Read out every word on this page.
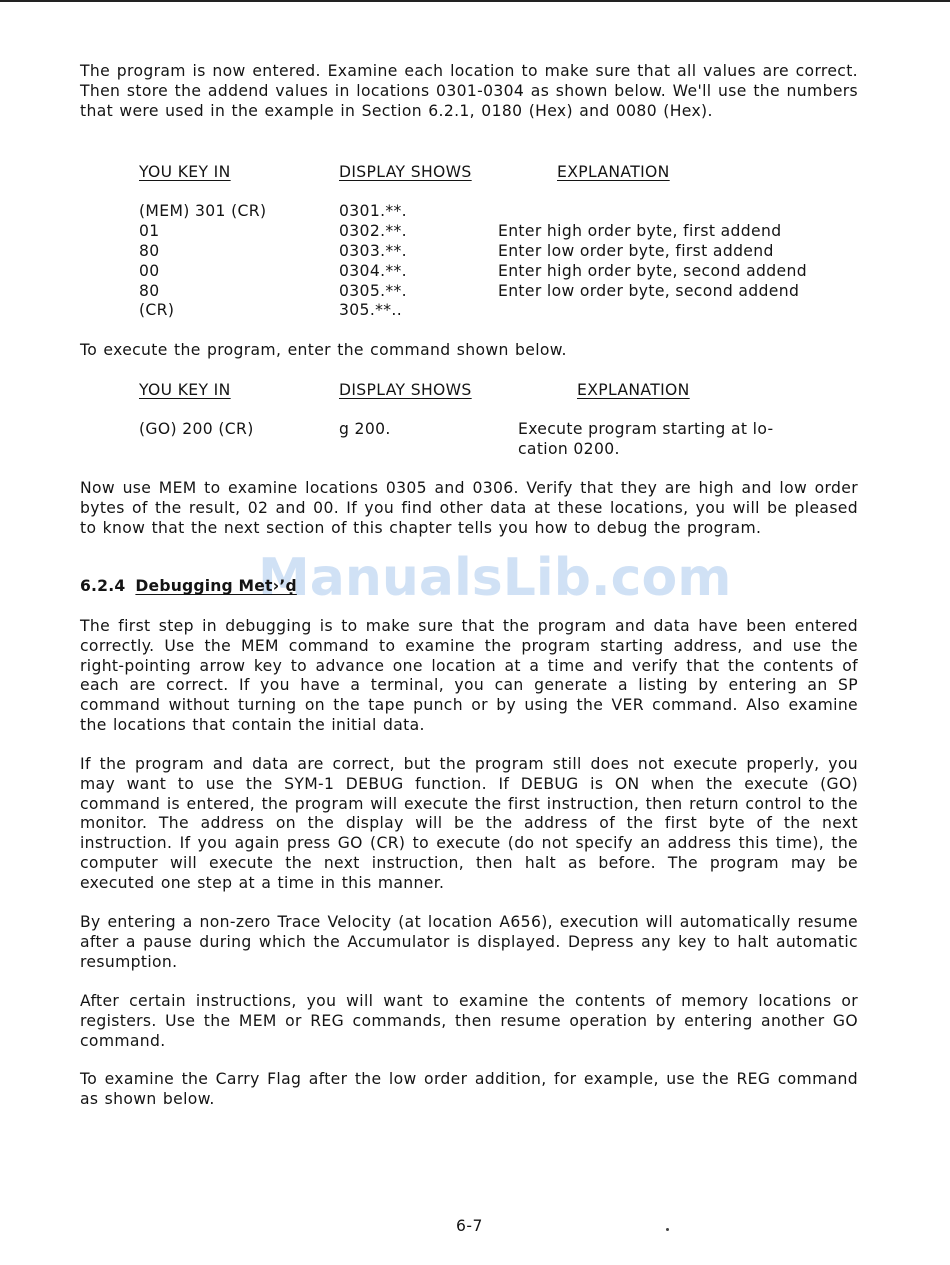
The program is now entered. Examine each location to make sure that all values are correct. Then store the addend values in locations 0301-0304 as shown below. We'll use the numbers that were used in the example in Section 6.2.1, 0180 (Hex) and 0080 (Hex).
YOU KEY IN	DISPLAY SHOWS	EXPLANATION
(MEM) 301 (CR)	0301.**.
01	0302.**.	Enter high order byte, first addend
80	0303.**.	Enter low order byte, first addend
00	0304.**.	Enter high order byte, second addend
80	0305.**.	Enter low order byte, second addend
(CR)	305.**..
To execute the program, enter the command shown below.
YOU KEY IN	DISPLAY SHOWS	EXPLANATION
(GO) 200 (CR)	g 200.	Execute program starting at lo-
cation 0200.
Now use MEM to examine locations 0305 and 0306. Verify that they are high and low order bytes of the result, 02 and 00. If you find other data at these locations, you will be pleased to know that the next section of this chapter tells you how to debug the program.
ManualsLib.com
6.2.4 Debugging Met›ʼḍ
The first step in debugging is to make sure that the program and data have been entered correctly. Use the MEM command to examine the program starting address, and use the right-pointing arrow key to advance one location at a time and verify that the contents of each are correct. If you have a terminal, you can generate a listing by entering an SP command without turning on the tape punch or by using the VER command. Also examine the locations that contain the initial data.
If the program and data are correct, but the program still does not execute properly, you may want to use the SYM-1 DEBUG function. If DEBUG is ON when the execute (GO) command is entered, the program will execute the first instruction, then return control to the monitor. The address on the display will be the address of the first byte of the next instruction. If you again press GO (CR) to execute (do not specify an address this time), the computer will execute the next instruction, then halt as before. The program may be executed one step at a time in this manner.
By entering a non-zero Trace Velocity (at location A656), execution will automatically resume after a pause during which the Accumulator is displayed. Depress any key to halt automatic resumption.
After certain instructions, you will want to examine the contents of memory locations or registers. Use the MEM or REG commands, then resume operation by entering another GO command.
To examine the Carry Flag after the low order addition, for example, use the REG command as shown below.
6-7
